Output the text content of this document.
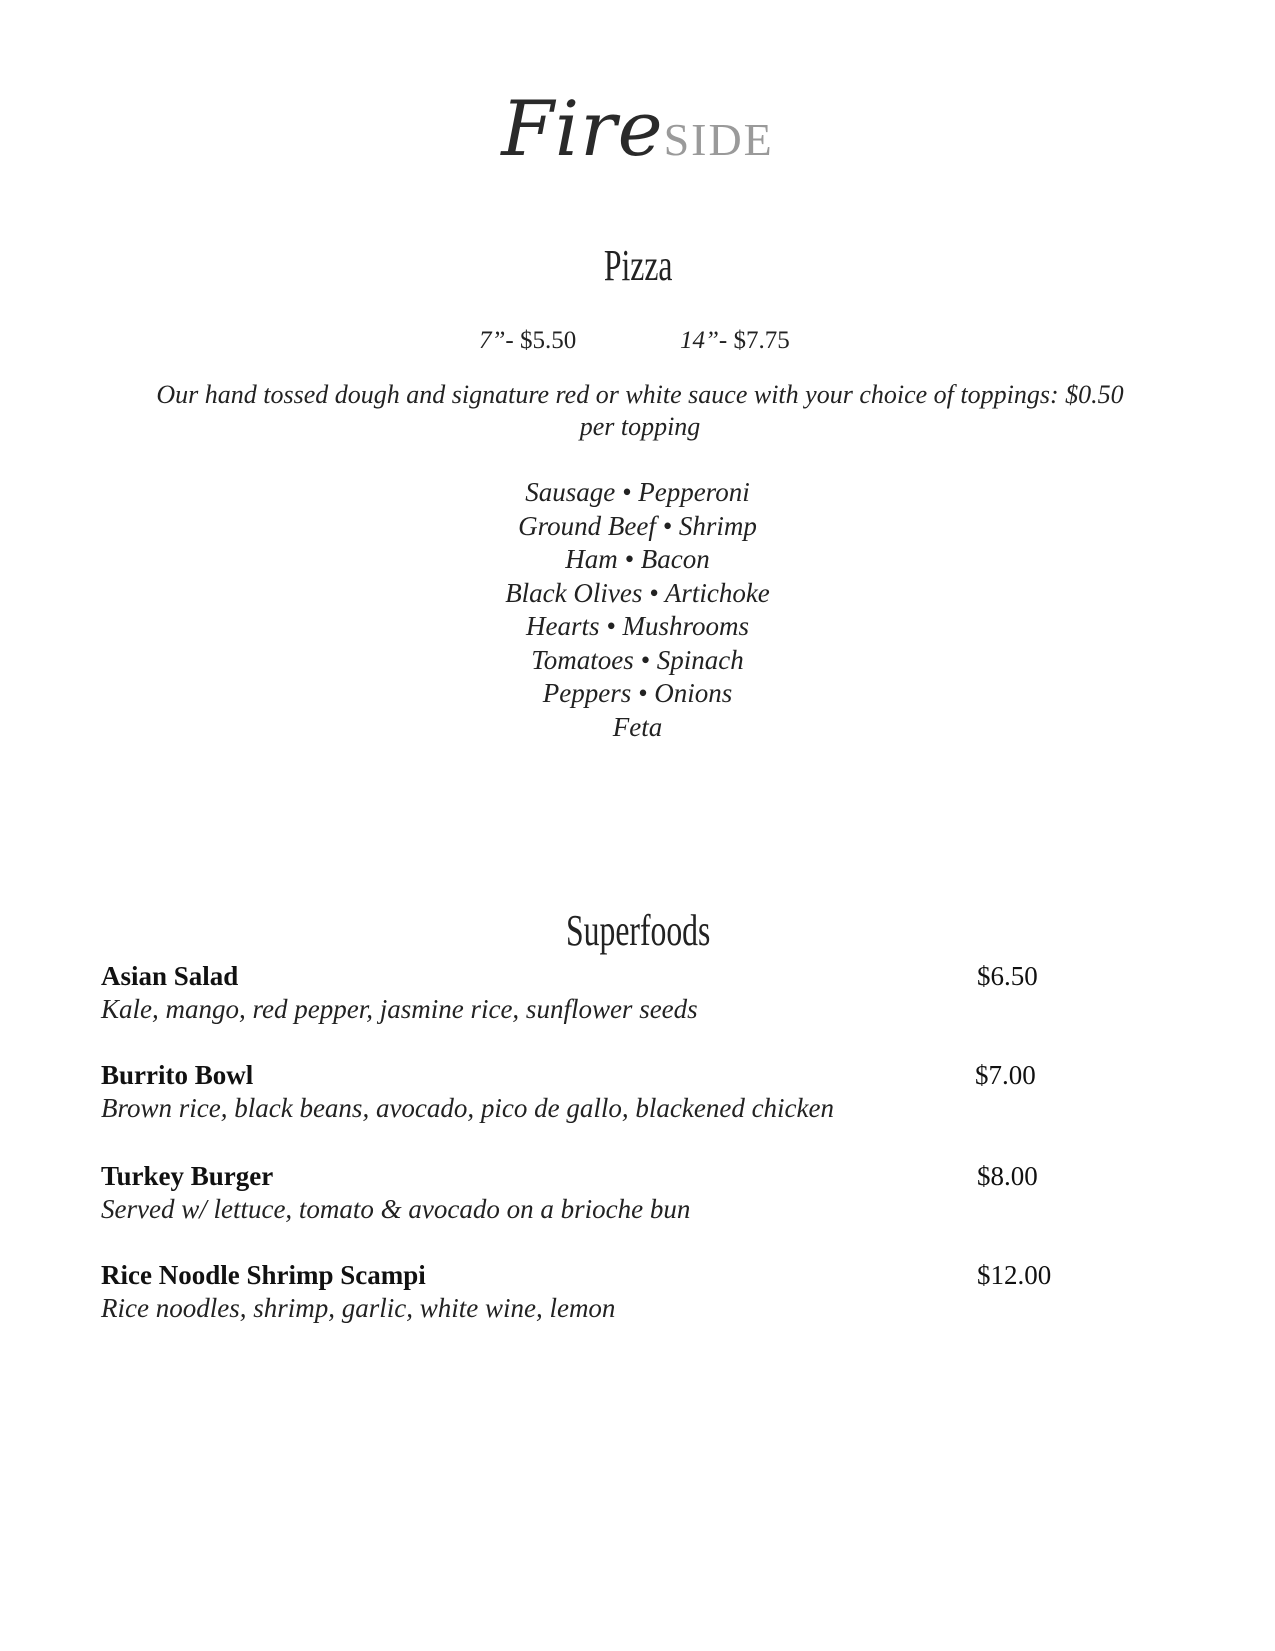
FireSIDE
Pizza
7”- $5.50	14”- $7.75
Our hand tossed dough and signature red or white sauce with your choice of toppings: $0.50 per topping
Sausage • Pepperoni
Ground Beef • Shrimp
Ham • Bacon
Black Olives • Artichoke
Hearts • Mushrooms
Tomatoes • Spinach
Peppers • Onions
Feta
Superfoods
Asian Salad
Kale, mango, red pepper, jasmine rice, sunflower seeds
$6.50
Burrito Bowl
Brown rice, black beans, avocado, pico de gallo, blackened chicken
$7.00
Turkey Burger
Served w/ lettuce, tomato & avocado on a brioche bun
$8.00
Rice Noodle Shrimp Scampi
Rice noodles, shrimp, garlic, white wine, lemon
$12.00
